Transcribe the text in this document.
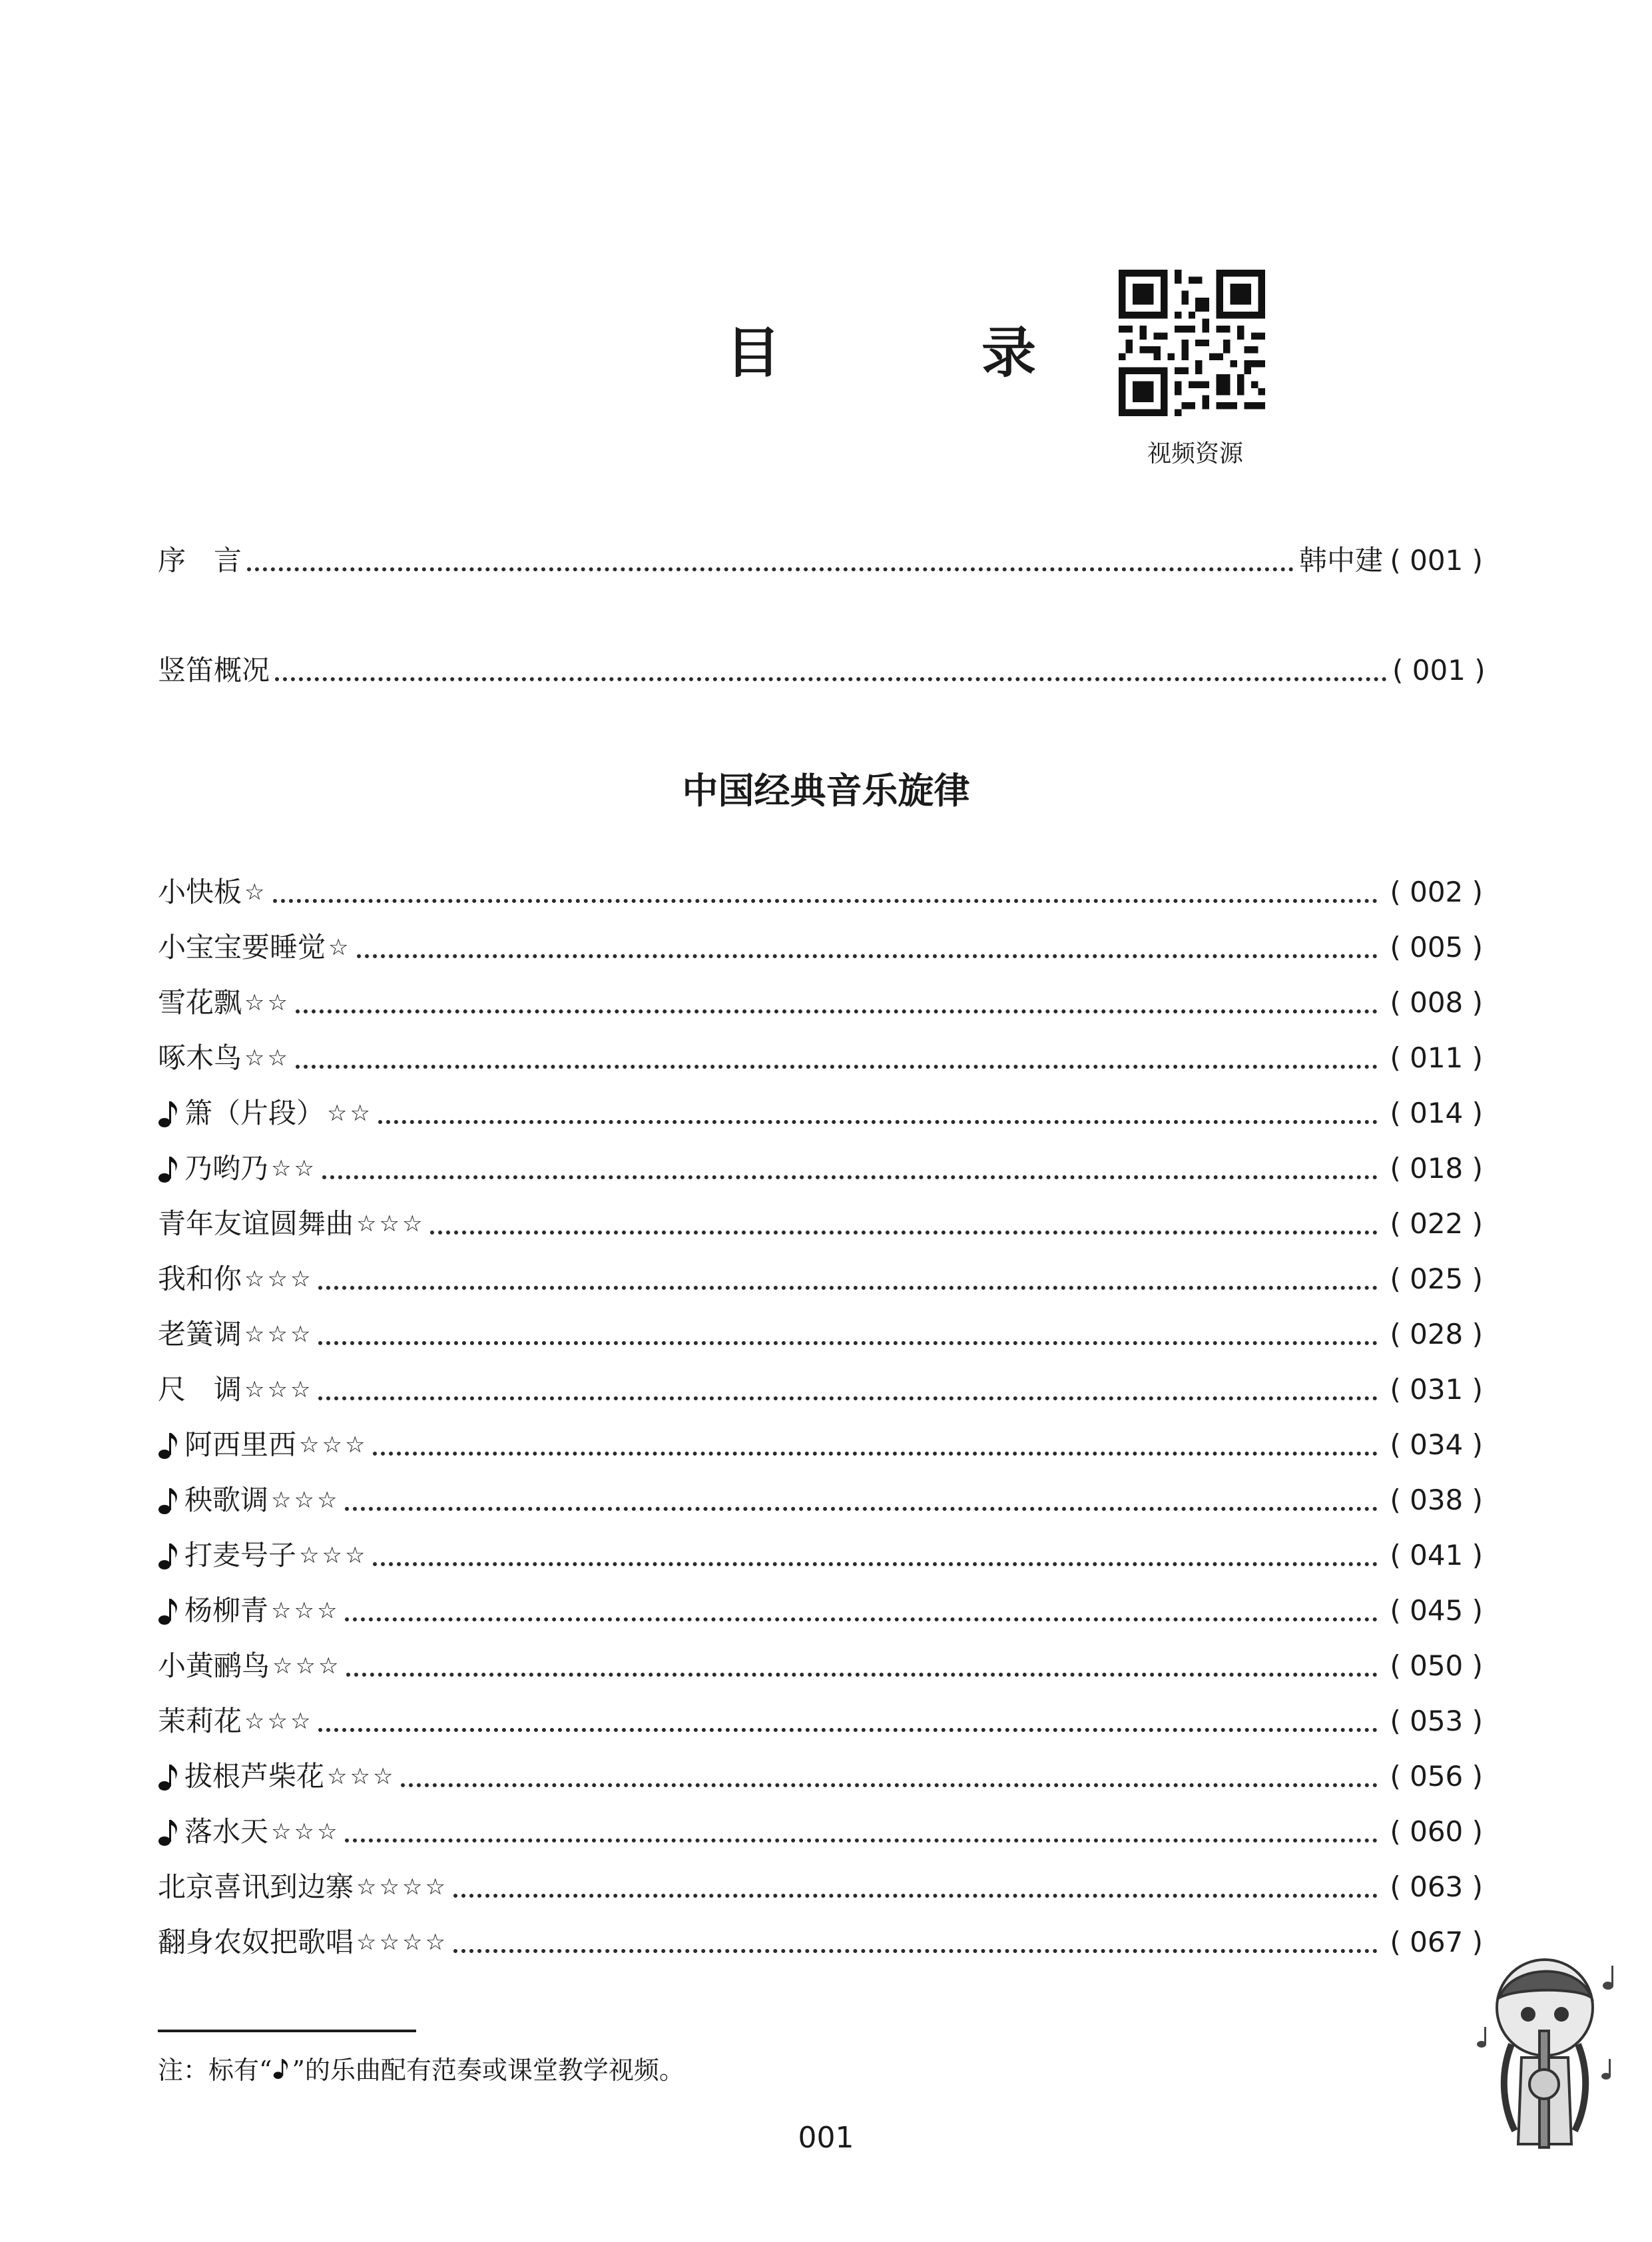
目　录
视频资源
序　言	韩中建 ( 001 )
竖笛概况	( 001 )
中国经典音乐旋律
小快板 ☆	( 002 )
小宝宝要睡觉 ☆	( 005 )
雪花飘 ☆☆	( 008 )
啄木鸟 ☆☆	( 011 )
箫（片段） ☆☆	( 014 )
乃哟乃 ☆☆	( 018 )
青年友谊圆舞曲 ☆☆☆	( 022 )
我和你 ☆☆☆	( 025 )
老簧调 ☆☆☆	( 028 )
尺　调 ☆☆☆	( 031 )
阿西里西 ☆☆☆	( 034 )
秧歌调 ☆☆☆	( 038 )
打麦号子 ☆☆☆	( 041 )
杨柳青 ☆☆☆	( 045 )
小黄鹂鸟 ☆☆☆	( 050 )
茉莉花 ☆☆☆	( 053 )
拔根芦柴花 ☆☆☆	( 056 )
落水天 ☆☆☆	( 060 )
北京喜讯到边寨 ☆☆☆☆	( 063 )
翻身农奴把歌唱 ☆☆☆☆	( 067 )
注：标有“ ”的乐曲配有范奏或课堂教学视频。
001
